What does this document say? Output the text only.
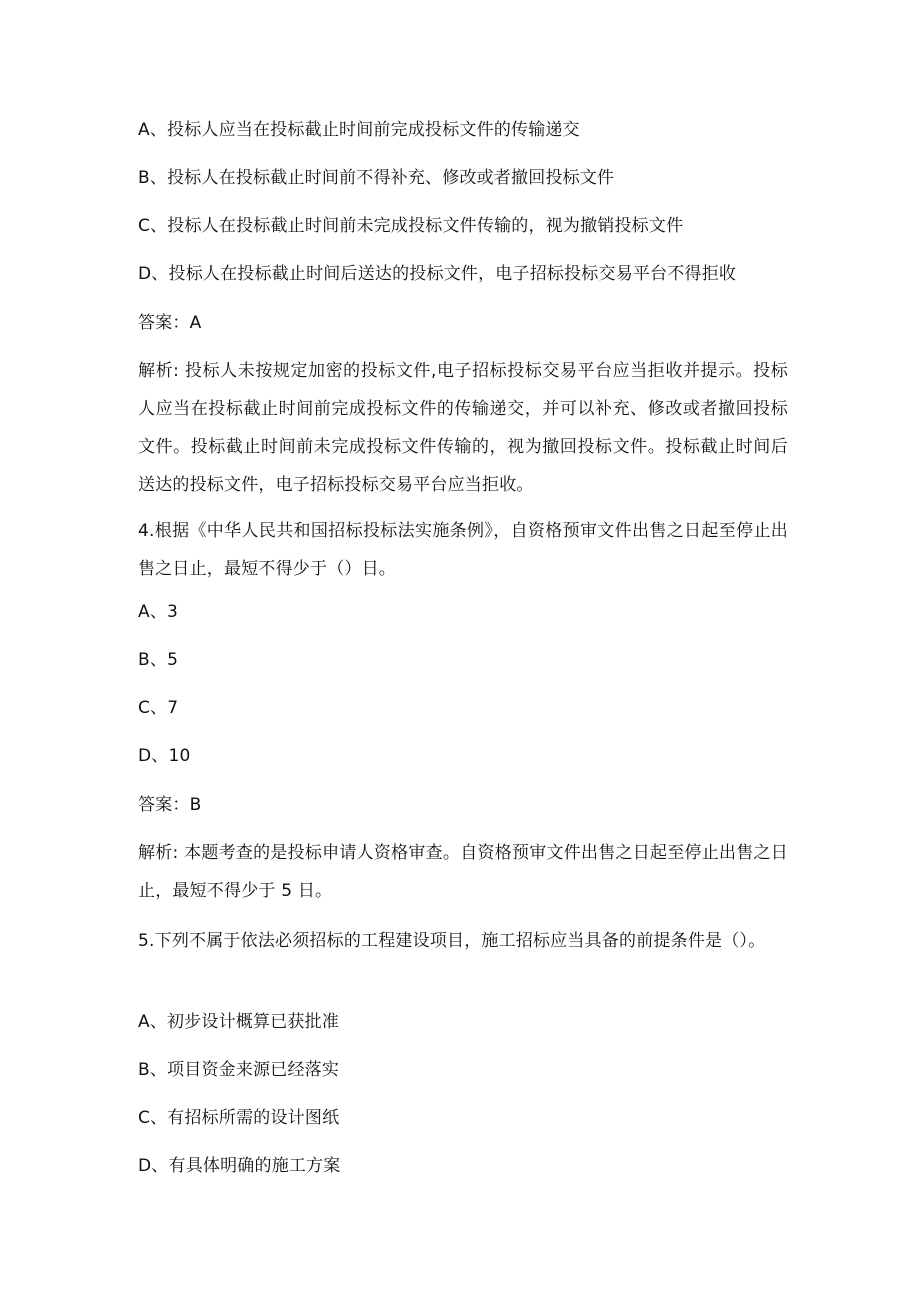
A、投标人应当在投标截止时间前完成投标文件的传输递交
B、投标人在投标截止时间前不得补充、修改或者撤回投标文件
C、投标人在投标截止时间前未完成投标文件传输的，视为撤销投标文件
D、投标人在投标截止时间后送达的投标文件，电子招标投标交易平台不得拒收
答案：A
解析: 投标人未按规定加密的投标文件,电子招标投标交易平台应当拒收并提示。投标人应当在投标截止时间前完成投标文件的传输递交，并可以补充、修改或者撤回投标文件。投标截止时间前未完成投标文件传输的，视为撤回投标文件。投标截止时间后送达的投标文件，电子招标投标交易平台应当拒收。
4.根据《中华人民共和国招标投标法实施条例》，自资格预审文件出售之日起至停止出售之日止，最短不得少于（）日。
A、3
B、5
C、7
D、10
答案：B
解析: 本题考查的是投标申请人资格审查。自资格预审文件出售之日起至停止出售之日止，最短不得少于 5 日。
5.下列不属于依法必须招标的工程建设项目，施工招标应当具备的前提条件是（）。
A、初步设计概算已获批准
B、项目资金来源已经落实
C、有招标所需的设计图纸
D、有具体明确的施工方案
